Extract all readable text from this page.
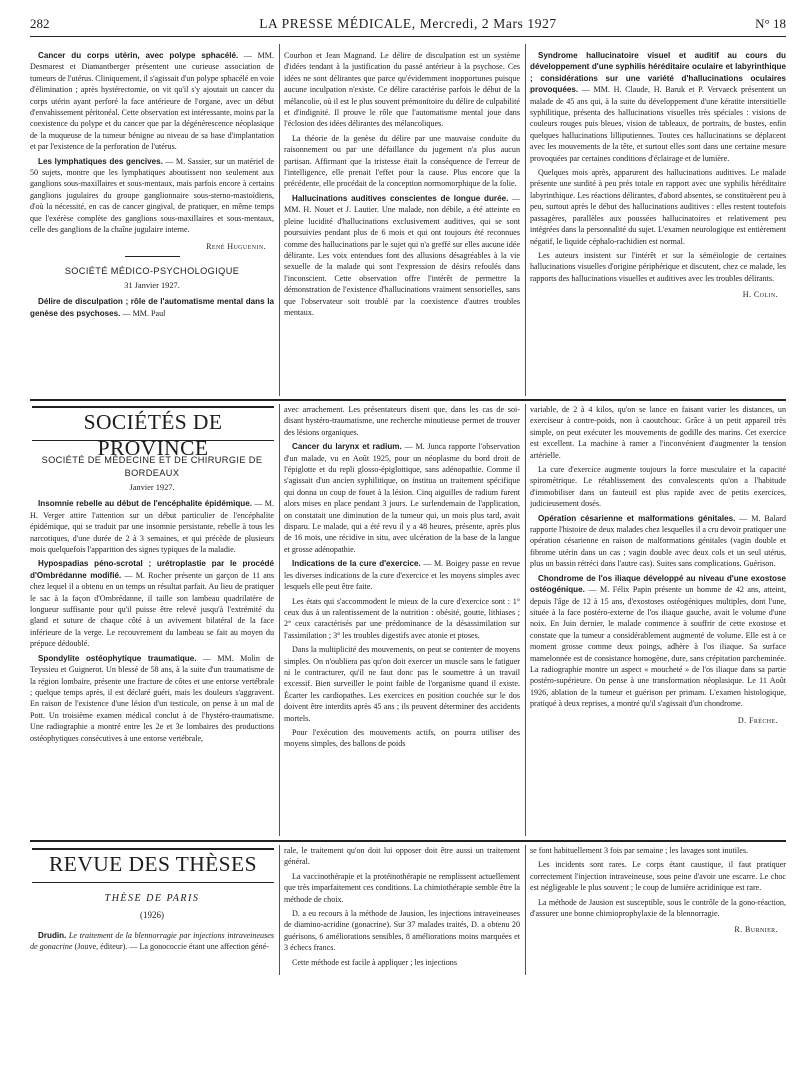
282	LA PRESSE MÉDICALE, Mercredi, 2 Mars 1927	N° 18

Cancer du corps utérin, avec polype sphacélé. — MM. Desmarest et Diamantberger présentent une curieuse association de tumeurs de l'utérus. Cliniquement, il s'agissait d'un polype sphacélé en voie d'élimination ; après hystérectomie, on vit qu'il s'y ajoutait un cancer du corps utérin ayant perforé la face antérieure de l'organe, avec un début d'envahissement péritonéal. Cette observation est intéressante, moins par la coexistence du polype et du cancer que par la dégénérescence néoplasique de la muqueuse de la tumeur bénigne au niveau de sa base d'implantation et par l'existence de la perforation de l'utérus.

Les lymphatiques des gencives. — M. Sassier, sur un matériel de 50 sujets, montre que les lymphatiques aboutissent non seulement aux ganglions sous-maxillaires et sous-mentaux, mais parfois encore à certains ganglions jugulaires du groupe ganglionnaire sous-sterno-mastoïdiens, d'où la nécessité, en cas de cancer gingival, de pratiquer, en même temps que l'exérèse complète des ganglions sous-maxillaires et sous-mentaux, celle des ganglions de la chaîne jugulaire interne.

René Huguenin.

SOCIÉTÉ MÉDICO-PSYCHOLOGIQUE
31 Janvier 1927.

Délire de disculpation ; rôle de l'automatisme mental dans la genèse des psychoses. — MM. Paul

Courbon et Jean Magnand. Le délire de disculpation est un système d'idées tendant à la justification du passé antérieur à la psychose. Ces idées ne sont délirantes que parce qu'évidemment inopportunes puisque aucune inculpation n'existe. Ce délire caractérise parfois le début de la mélancolie, où il est le plus souvent prémonitoire du délire de culpabilité et d'indignité. Il prouve le rôle que l'automatisme mental joue dans l'éclosion des idées délirantes des mélancoliques.

La théorie de la genèse du délire par une mauvaise conduite du raisonnement ou par une défaillance du jugement n'a plus aucun partisan. Affirmant que la tristesse était la conséquence de l'erreur de l'intelligence, elle prenait l'effet pour la cause. Plus encore que la précédente, elle procédait de la conception normomorphique de la folie.

Hallucinations auditives conscientes de longue durée. — MM. H. Nouet et J. Lautier. Une malade, non débile, a été atteinte en pleine lucidité d'hallucinations exclusivement auditives, qui se sont poursuivies pendant plus de 6 mois et qui ont toujours été reconnues comme des hallucinations par le sujet qui n'a greffé sur elles aucune idée délirante. Les voix entendues font des allusions désagréables à la vie sexuelle de la malade qui sont l'expression de désirs refoulés dans l'inconscient. Cette observation offre l'intérêt de permettre la démonstration de l'existence d'hallucinations vraiment sensorielles, sans que l'observateur soit troublé par la coexistence d'autres troubles mentaux.

Syndrome hallucinatoire visuel et auditif au cours du développement d'une syphilis héréditaire oculaire et labyrinthique ; considérations sur une variété d'hallucinations oculaires provoquées. — MM. H. Claude, H. Baruk et P. Vervaeck présentent un malade de 45 ans qui, à la suite du développement d'une kératite interstitielle syphilitique, présenta des hallucinations visuelles très spéciales : visions de couleurs rouges puis bleues, vision de tableaux, de portraits, de bustes, enfin quelques hallucinations lilliputiennes. Toutes ces hallucinations se déplacent avec les mouvements de la tête, et surtout elles sont dans une certaine mesure provoquées par certaines conditions d'éclairage et de lumière.

Quelques mois après, apparurent des hallucinations auditives. Le malade présente une surdité à peu près totale en rapport avec une syphilis héréditaire labyrinthique. Les réactions délirantes, d'abord absentes, se constituèrent peu à peu, surtout après le début des hallucinations auditives : elles restent toutefois passagères, parallèles aux poussées hallucinatoires et relativement peu intégrées dans la personnalité du sujet. L'examen neurologique est entièrement négatif, le liquide céphalo-rachidien est normal.

Les auteurs insistent sur l'intérêt et sur la séméiologie de certaines hallucinations visuelles d'origine périphérique et discutent, chez ce malade, les rapports des hallucinations visuelles et auditives avec les troubles délirants.

H. Colin.

SOCIÉTÉS DE PROVINCE
SOCIÉTÉ DE MÉDECINE ET DE CHIRURGIE DE BORDEAUX
Janvier 1927.

Insomnie rebelle au début de l'encéphalite épidémique. — M. H. Verger attire l'attention sur un début particulier de l'encéphalite épidémique, qui se traduit par une insomnie persistante, rebelle à tous les narcotiques, d'une durée de 2 à 3 semaines, et qui précède de plusieurs mois quelquefois l'apparition des signes typiques de la maladie.

Hypospadias péno-scrotal ; urétroplastie par le procédé d'Ombrédanne modifié. — M. Rocher présente un garçon de 11 ans chez lequel il a obtenu en un temps un résultat parfait. Au lieu de pratiquer le sac à la façon d'Ombrédanne, il taille son lambeau quadrilatère de longueur suffisante pour qu'il puisse être relevé jusqu'à l'extrémité du gland et suture de chaque côté à un avivement bilatéral de la face inférieure de la verge. Le recouvrement du lambeau se fait au moyen du prépuce dédoublé.

Spondylite ostéophytique traumatique. — MM. Molin de Teyssieu et Guignerot. Un blessé de 58 ans, à la suite d'un traumatisme de la région lombaire, présente une fracture de côtes et une entorse vertébrale ; quelque temps après, il est déclaré guéri, mais les douleurs s'aggravent. En raison de l'existence d'une lésion d'un testicule, on pense à un mal de Pott. Un troisième examen médical conclut à de l'hystéro-traumatisme. Une radiographie a montré entre les 2e et 3e lombaires des productions ostéophytiques consécutives à une entorse vertébrale,

avec arrachement. Les présentateurs disent que, dans les cas de soi-disant hystéro-traumatisme, une recherche minutieuse permet de trouver des lésions organiques.

Cancer du larynx et radium. — M. Junca rapporte l'observation d'un malade, vu en Août 1925, pour un néoplasme du bord droit de l'épiglotte et du repli glosso-épiglottique, sans adénopathie. Comme il s'agissait d'un ancien syphilitique, on institua un traitement spécifique qui donna un coup de fouet à la lésion. Cinq aiguilles de radium furent alors mises en place pendant 3 jours. Le surlendemain de l'application, on constatait une diminution de la tumeur qui, un mois plus tard, avait disparu. Le malade, qui a été revu il y a 48 heures, présente, après plus de 16 mois, une récidive in situ, avec ulcération de la base de la langue et grosse adénopathie.

Indications de la cure d'exercice. — M. Boigey passe en revue les diverses indications de la cure d'exercice et les moyens simples avec lesquels elle peut être faite.

Les états qui s'accommodent le mieux de la cure d'exercice sont : 1° ceux dus à un ralentissement de la nutrition : obésité, goutte, lithiases ; 2° ceux caractérisés par une prédominance de la désassimilation sur l'assimilation ; 3° les troubles digestifs avec atonie et ptoses.

Dans la multiplicité des mouvements, on peut se contenter de moyens simples. On n'oubliera pas qu'on doit exercer un muscle sans le fatiguer ni le contracturer, qu'il ne faut donc pas le soumettre à un travail excessif. Bien surveiller le point faible de l'organisme quand il existe. Écarter les cardiopathes. Les exercices en position couchée sur le dos doivent être interdits après 45 ans ; ils peuvent déterminer des accidents mortels.

Pour l'exécution des mouvements actifs, on pourra utiliser des moyens simples, des ballons de poids

variable, de 2 à 4 kilos, qu'on se lance en faisant varier les distances, un exerciseur à contre-poids, non à caoutchouc. Grâce à un petit appareil très simple, on peut exécuter les mouvements de godille des marins. Cet exercice est excellent. La machine à ramer a l'inconvénient d'augmenter la tension artérielle.

La cure d'exercice augmente toujours la force musculaire et la capacité spirométrique. Le rétablissement des convalescents qu'on a l'habitude d'immobiliser dans un fauteuil est plus rapide avec de petits exercices, judicieusement dosés.

Opération césarienne et malformations génitales. — M. Balard rapporte l'histoire de deux malades chez lesquelles il a cru devoir pratiquer une opération césarienne en raison de malformations génitales (vagin double et fibrome utérin dans un cas ; vagin double avec deux cols et un seul utérus, plus un bassin rétréci dans l'autre cas). Suites sans complications. Guérison.

Chondrome de l'os iliaque développé au niveau d'une exostose ostéogénique. — M. Félix Papin présente un homme de 42 ans, atteint, depuis l'âge de 12 à 15 ans, d'exostoses ostéogéniques multiples, dont l'une, située à la face postéro-externe de l'os iliaque gauche, avait le volume d'une noix. En Juin dernier, le malade commence à souffrir de cette exostose et constate que la tumeur a considérablement augmenté de volume. Elle est à ce moment grosse comme deux poings, adhère à l'os iliaque. Sa surface mamelonnée est de consistance homogène, dure, sans crépitation parcheminée. La radiographie montre un aspect « moucheté » de l'os iliaque dans sa partie postéro-supérieure. On pense à une transformation néoplasique. Le 11 Août 1926, ablation de la tumeur et guérison per primam. L'examen histologique, pratiqué à deux reprises, a montré qu'il s'agissait d'un chondrome.

D. Frèche.

REVUE DES THÈSES
THÈSE DE PARIS
(1926)

Drudin. Le traitement de la blennorragie par injections intraveineuses de gonacrine (Jouve, éditeur). — La gonococcie étant une affection géné-

rale, le traitement qu'on doit lui opposer doit être aussi un traitement général.

La vaccinothérapie et la protéinothérapie ne remplissent actuellement que très imparfaitement ces conditions. La chimiothérapie semble être la méthode de choix.

D. a eu recours à la méthode de Jausion, les injections intraveineuses de diamino-acridine (gonacrine). Sur 37 malades traités, D. a obtenu 20 guérisons, 6 améliorations sensibles, 8 améliorations moins marquées et 3 échecs francs.

Cette méthode est facile à appliquer ; les injections

se font habituellement 3 fois par semaine ; les lavages sont inutiles.

Les incidents sont rares. Le corps étant caustique, il faut pratiquer correctement l'injection intraveineuse, sous peine d'avoir une escarre. Le choc est négligeable le plus souvent ; le coup de lumière acridinique est rare.

La méthode de Jausion est susceptible, sous le contrôle de la gono-réaction, d'assurer une bonne chimioprophylaxie de la blennorragie.

R. Burnier.
